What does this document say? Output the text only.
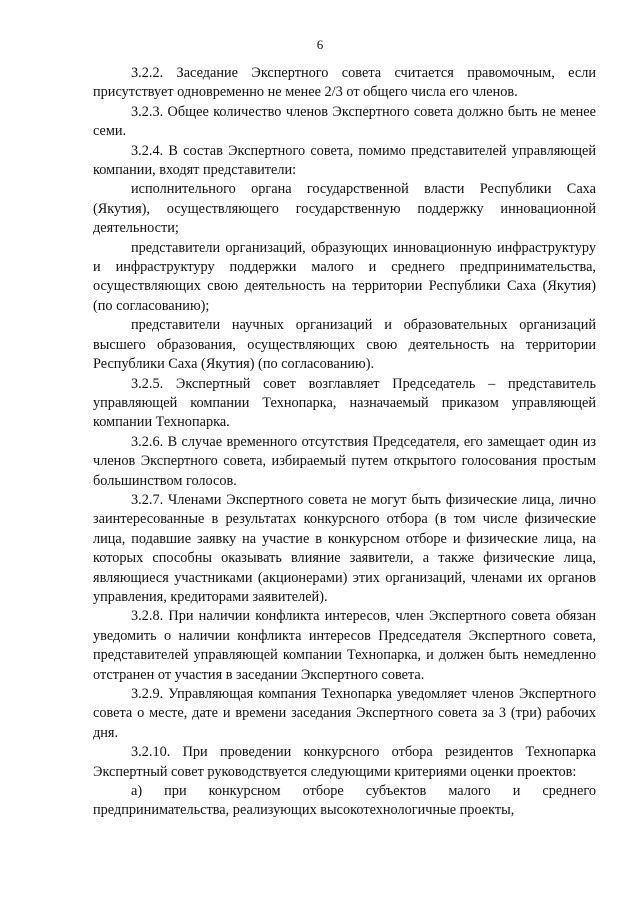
6

3.2.2. Заседание Экспертного совета считается правомочным, если присутствует одновременно не менее 2/3 от общего числа его членов.

3.2.3. Общее количество членов Экспертного совета должно быть не менее семи.

3.2.4. В состав Экспертного совета, помимо представителей управляющей компании, входят представители:

исполнительного органа государственной власти Республики Саха (Якутия), осуществляющего государственную поддержку инновационной деятельности;

представители организаций, образующих инновационную инфраструктуру и инфраструктуру поддержки малого и среднего предпринимательства, осуществляющих свою деятельность на территории Республики Саха (Якутия) (по согласованию);

представители научных организаций и образовательных организаций высшего образования, осуществляющих свою деятельность на территории Республики Саха (Якутия) (по согласованию).

3.2.5. Экспертный совет возглавляет Председатель – представитель управляющей компании Технопарка, назначаемый приказом управляющей компании Технопарка.

3.2.6. В случае временного отсутствия Председателя, его замещает один из членов Экспертного совета, избираемый путем открытого голосования простым большинством голосов.

3.2.7. Членами Экспертного совета не могут быть физические лица, лично заинтересованные в результатах конкурсного отбора (в том числе физические лица, подавшие заявку на участие в конкурсном отборе и физические лица, на которых способны оказывать влияние заявители, а также физические лица, являющиеся участниками (акционерами) этих организаций, членами их органов управления, кредиторами заявителей).

3.2.8. При наличии конфликта интересов, член Экспертного совета обязан уведомить о наличии конфликта интересов Председателя Экспертного совета, представителей управляющей компании Технопарка, и должен быть немедленно отстранен от участия в заседании Экспертного совета.

3.2.9. Управляющая компания Технопарка уведомляет членов Экспертного совета о месте, дате и времени заседания Экспертного совета за 3 (три) рабочих дня.

3.2.10. При проведении конкурсного отбора резидентов Технопарка Экспертный совет руководствуется следующими критериями оценки проектов:

а) при конкурсном отборе субъектов малого и среднего предпринимательства, реализующих высокотехнологичные проекты,
